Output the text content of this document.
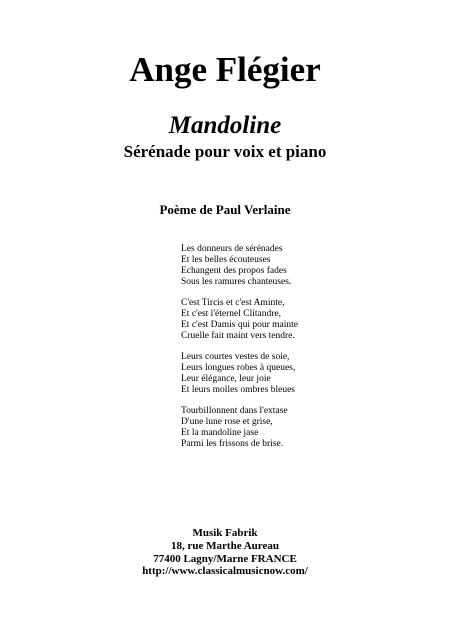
Ange Flégier
Mandoline
Sérénade pour voix et piano
Poème de Paul Verlaine
Les donneurs de sérénades
Et les belles écouteuses
Echangent des propos fades
Sous les ramures chanteuses.
C'est Tircis et c'est Aminte,
Et c'est l'éternel Clitandre,
Et c'est Damis qui pour mainte
Cruelle fait maint vers tendre.
Leurs courtes vestes de soie,
Leurs longues robes à queues,
Leur élégance, leur joie
Et leurs molles ombres bleues
Tourbillonnent dans l'extase
D'une lune rose et grise,
Et la mandoline jase
Parmi les frissons de brise.
Musik Fabrik
18, rue Marthe Aureau
77400 Lagny/Marne FRANCE
http://www.classicalmusicnow.com/
